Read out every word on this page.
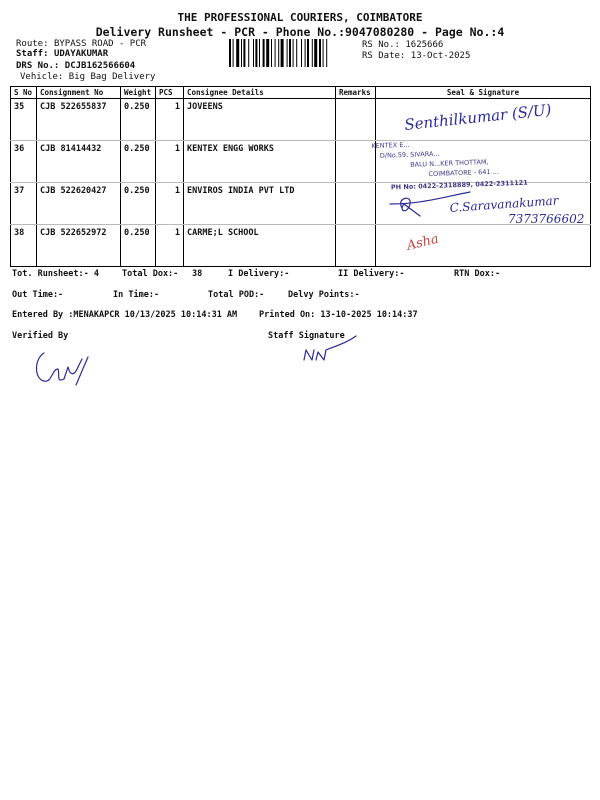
THE PROFESSIONAL COURIERS, COIMBATORE
Delivery Runsheet - PCR - Phone No.:9047080280 - Page No.:4
Route: BYPASS ROAD - PCR
Staff: UDAYAKUMAR
DRS No.: DCJB162566604
Vehicle: Big Bag Delivery
RS No.: 1625666
RS Date: 13-Oct-2025
S No	Consignment No	Weight	PCS	Consignee Details	Remarks	Seal & Signature
35	CJB 522655837	0.250	1	JOVEENS		
36	CJB 81414432	0.250	1	KENTEX ENGG WORKS		
37	CJB 522620427	0.250	1	ENVIROS INDIA PVT LTD		
38	CJB 522652972	0.250	1	CARME;L SCHOOL		
Senthilkumar (S/U)
KENTEX E...
D/No.59, SIVARA...
BALU N...KER THOTTAM,
COIMBATORE - 641 ...
PH No: 0422-2318889, 0422-2311121
C.Saravanakumar
7373766602
Asha
Tot. Runsheet:- 4	Total Dox:- 38	I Delivery:-	II Delivery:-	RTN Dox:-
Out Time:-	In Time:-	Total POD:-	Delvy Points:-
Entered By :MENAKAPCR 10/13/2025 10:14:31 AM	Printed On: 13-10-2025 10:14:37
Verified By	Staff Signature
